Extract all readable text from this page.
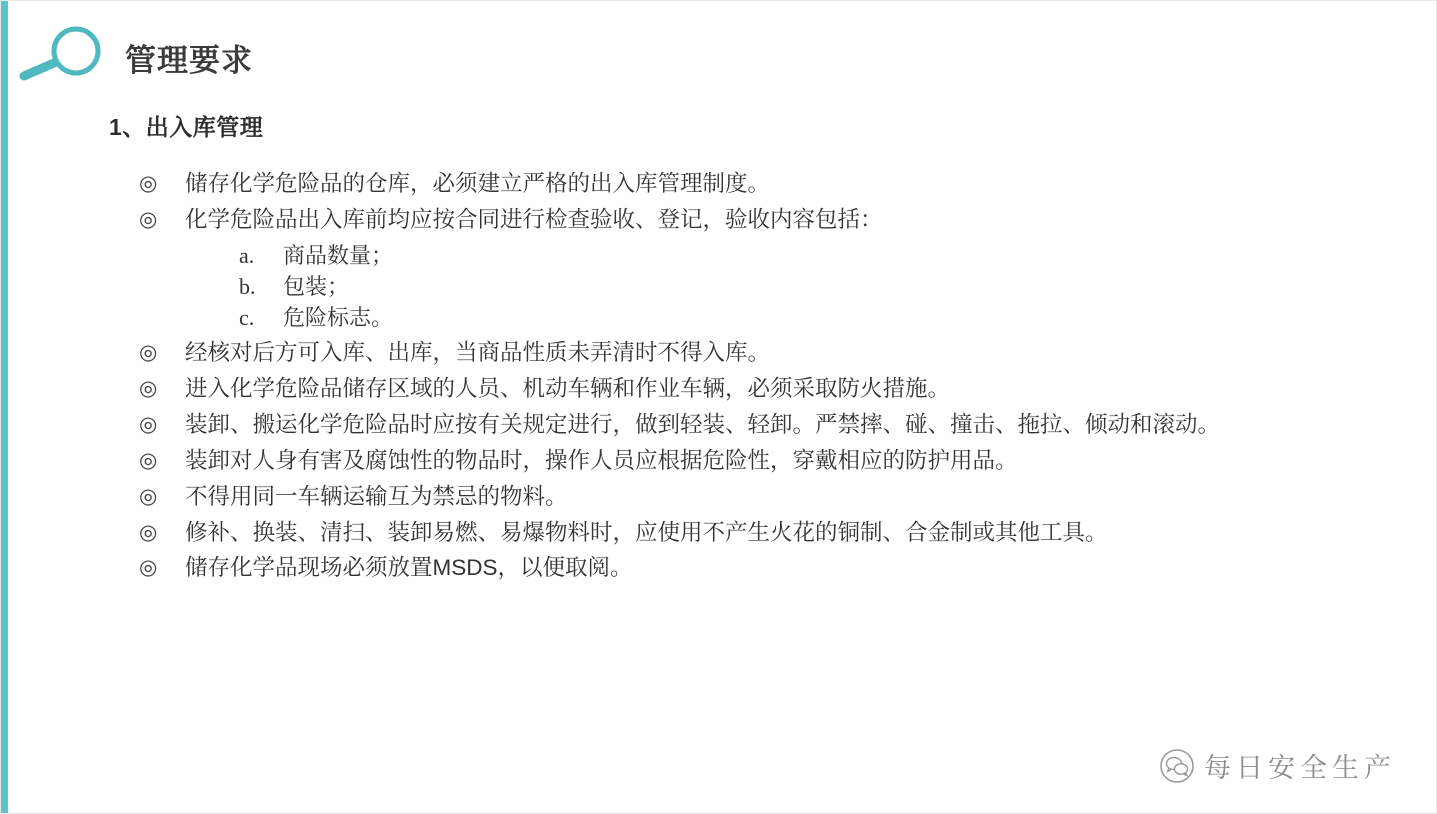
管理要求
1、出入库管理
◎	储存化学危险品的仓库，必须建立严格的出入库管理制度。
◎	化学危险品出入库前均应按合同进行检查验收、登记，验收内容包括：
a.	商品数量；
b.	包装；
c.	危险标志。
◎	经核对后方可入库、出库，当商品性质未弄清时不得入库。
◎	进入化学危险品储存区域的人员、机动车辆和作业车辆，必须采取防火措施。
◎	装卸、搬运化学危险品时应按有关规定进行，做到轻装、轻卸。严禁摔、碰、撞击、拖拉、倾动和滚动。
◎	装卸对人身有害及腐蚀性的物品时，操作人员应根据危险性，穿戴相应的防护用品。
◎	不得用同一车辆运输互为禁忌的物料。
◎	修补、换装、清扫、装卸易燃、易爆物料时，应使用不产生火花的铜制、合金制或其他工具。
◎	储存化学品现场必须放置MSDS，以便取阅。
每日安全生产
